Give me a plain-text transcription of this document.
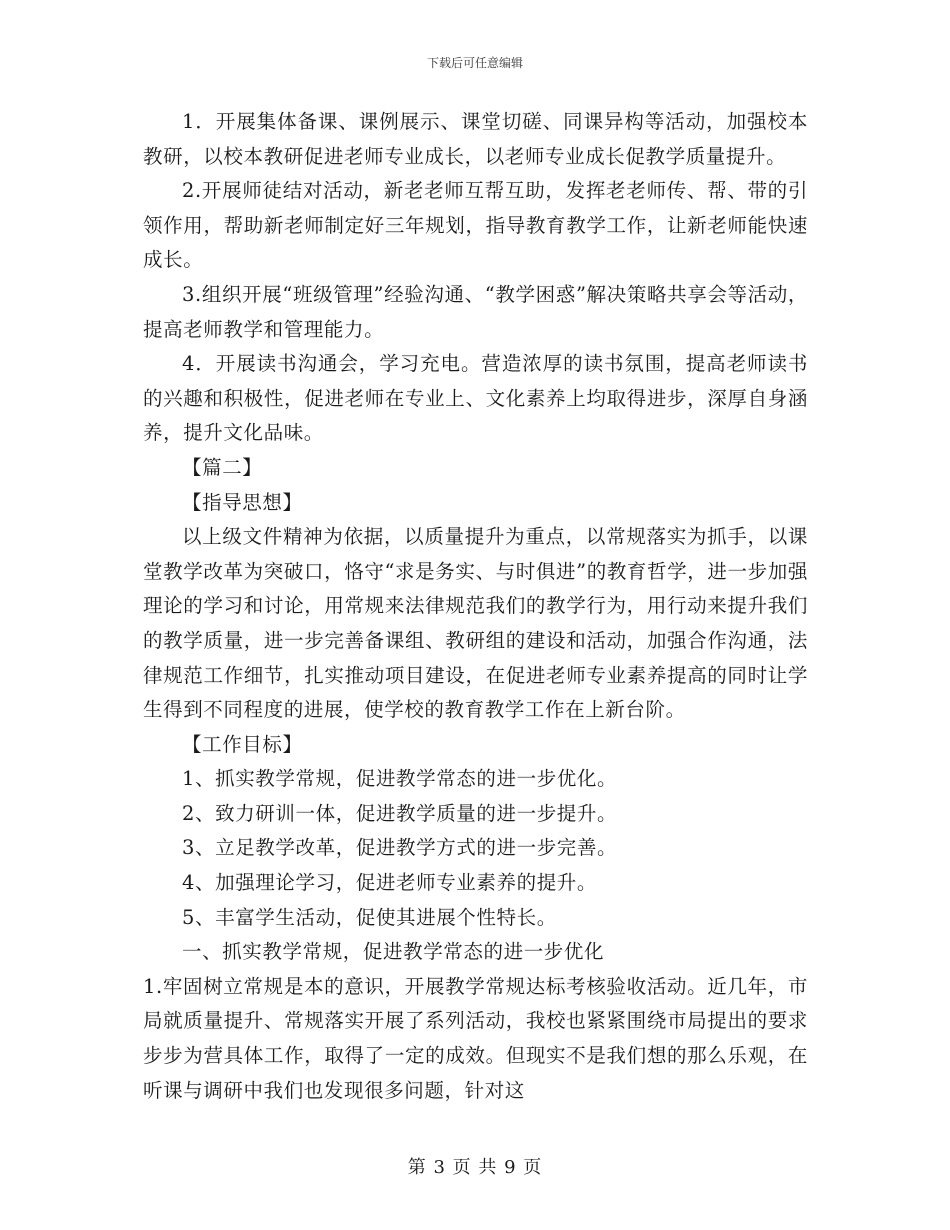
下载后可任意编辑

1．开展集体备课、课例展示、课堂切磋、同课异构等活动，加强校本教研，以校本教研促进老师专业成长，以老师专业成长促教学质量提升。

2.开展师徒结对活动，新老老师互帮互助，发挥老老师传、帮、带的引领作用，帮助新老师制定好三年规划，指导教育教学工作，让新老师能快速成长。

3.组织开展“班级管理”经验沟通、“教学困惑”解决策略共享会等活动，提高老师教学和管理能力。

4．开展读书沟通会，学习充电。营造浓厚的读书氛围，提高老师读书的兴趣和积极性，促进老师在专业上、文化素养上均取得进步，深厚自身涵养，提升文化品味。

【篇二】

【指导思想】

以上级文件精神为依据，以质量提升为重点，以常规落实为抓手，以课堂教学改革为突破口，恪守“求是务实、与时俱进”的教育哲学，进一步加强理论的学习和讨论，用常规来法律规范我们的教学行为，用行动来提升我们的教学质量，进一步完善备课组、教研组的建设和活动，加强合作沟通，法律规范工作细节，扎实推动项目建设，在促进老师专业素养提高的同时让学生得到不同程度的进展，使学校的教育教学工作在上新台阶。

【工作目标】

1、抓实教学常规，促进教学常态的进一步优化。

2、致力研训一体，促进教学质量的进一步提升。

3、立足教学改革，促进教学方式的进一步完善。

4、加强理论学习，促进老师专业素养的提升。

5、丰富学生活动，促使其进展个性特长。

一、抓实教学常规，促进教学常态的进一步优化

1.牢固树立常规是本的意识，开展教学常规达标考核验收活动。近几年，市局就质量提升、常规落实开展了系列活动，我校也紧紧围绕市局提出的要求步步为营具体工作，取得了一定的成效。但现实不是我们想的那么乐观，在听课与调研中我们也发现很多问题，针对这

第 3 页 共 9 页
